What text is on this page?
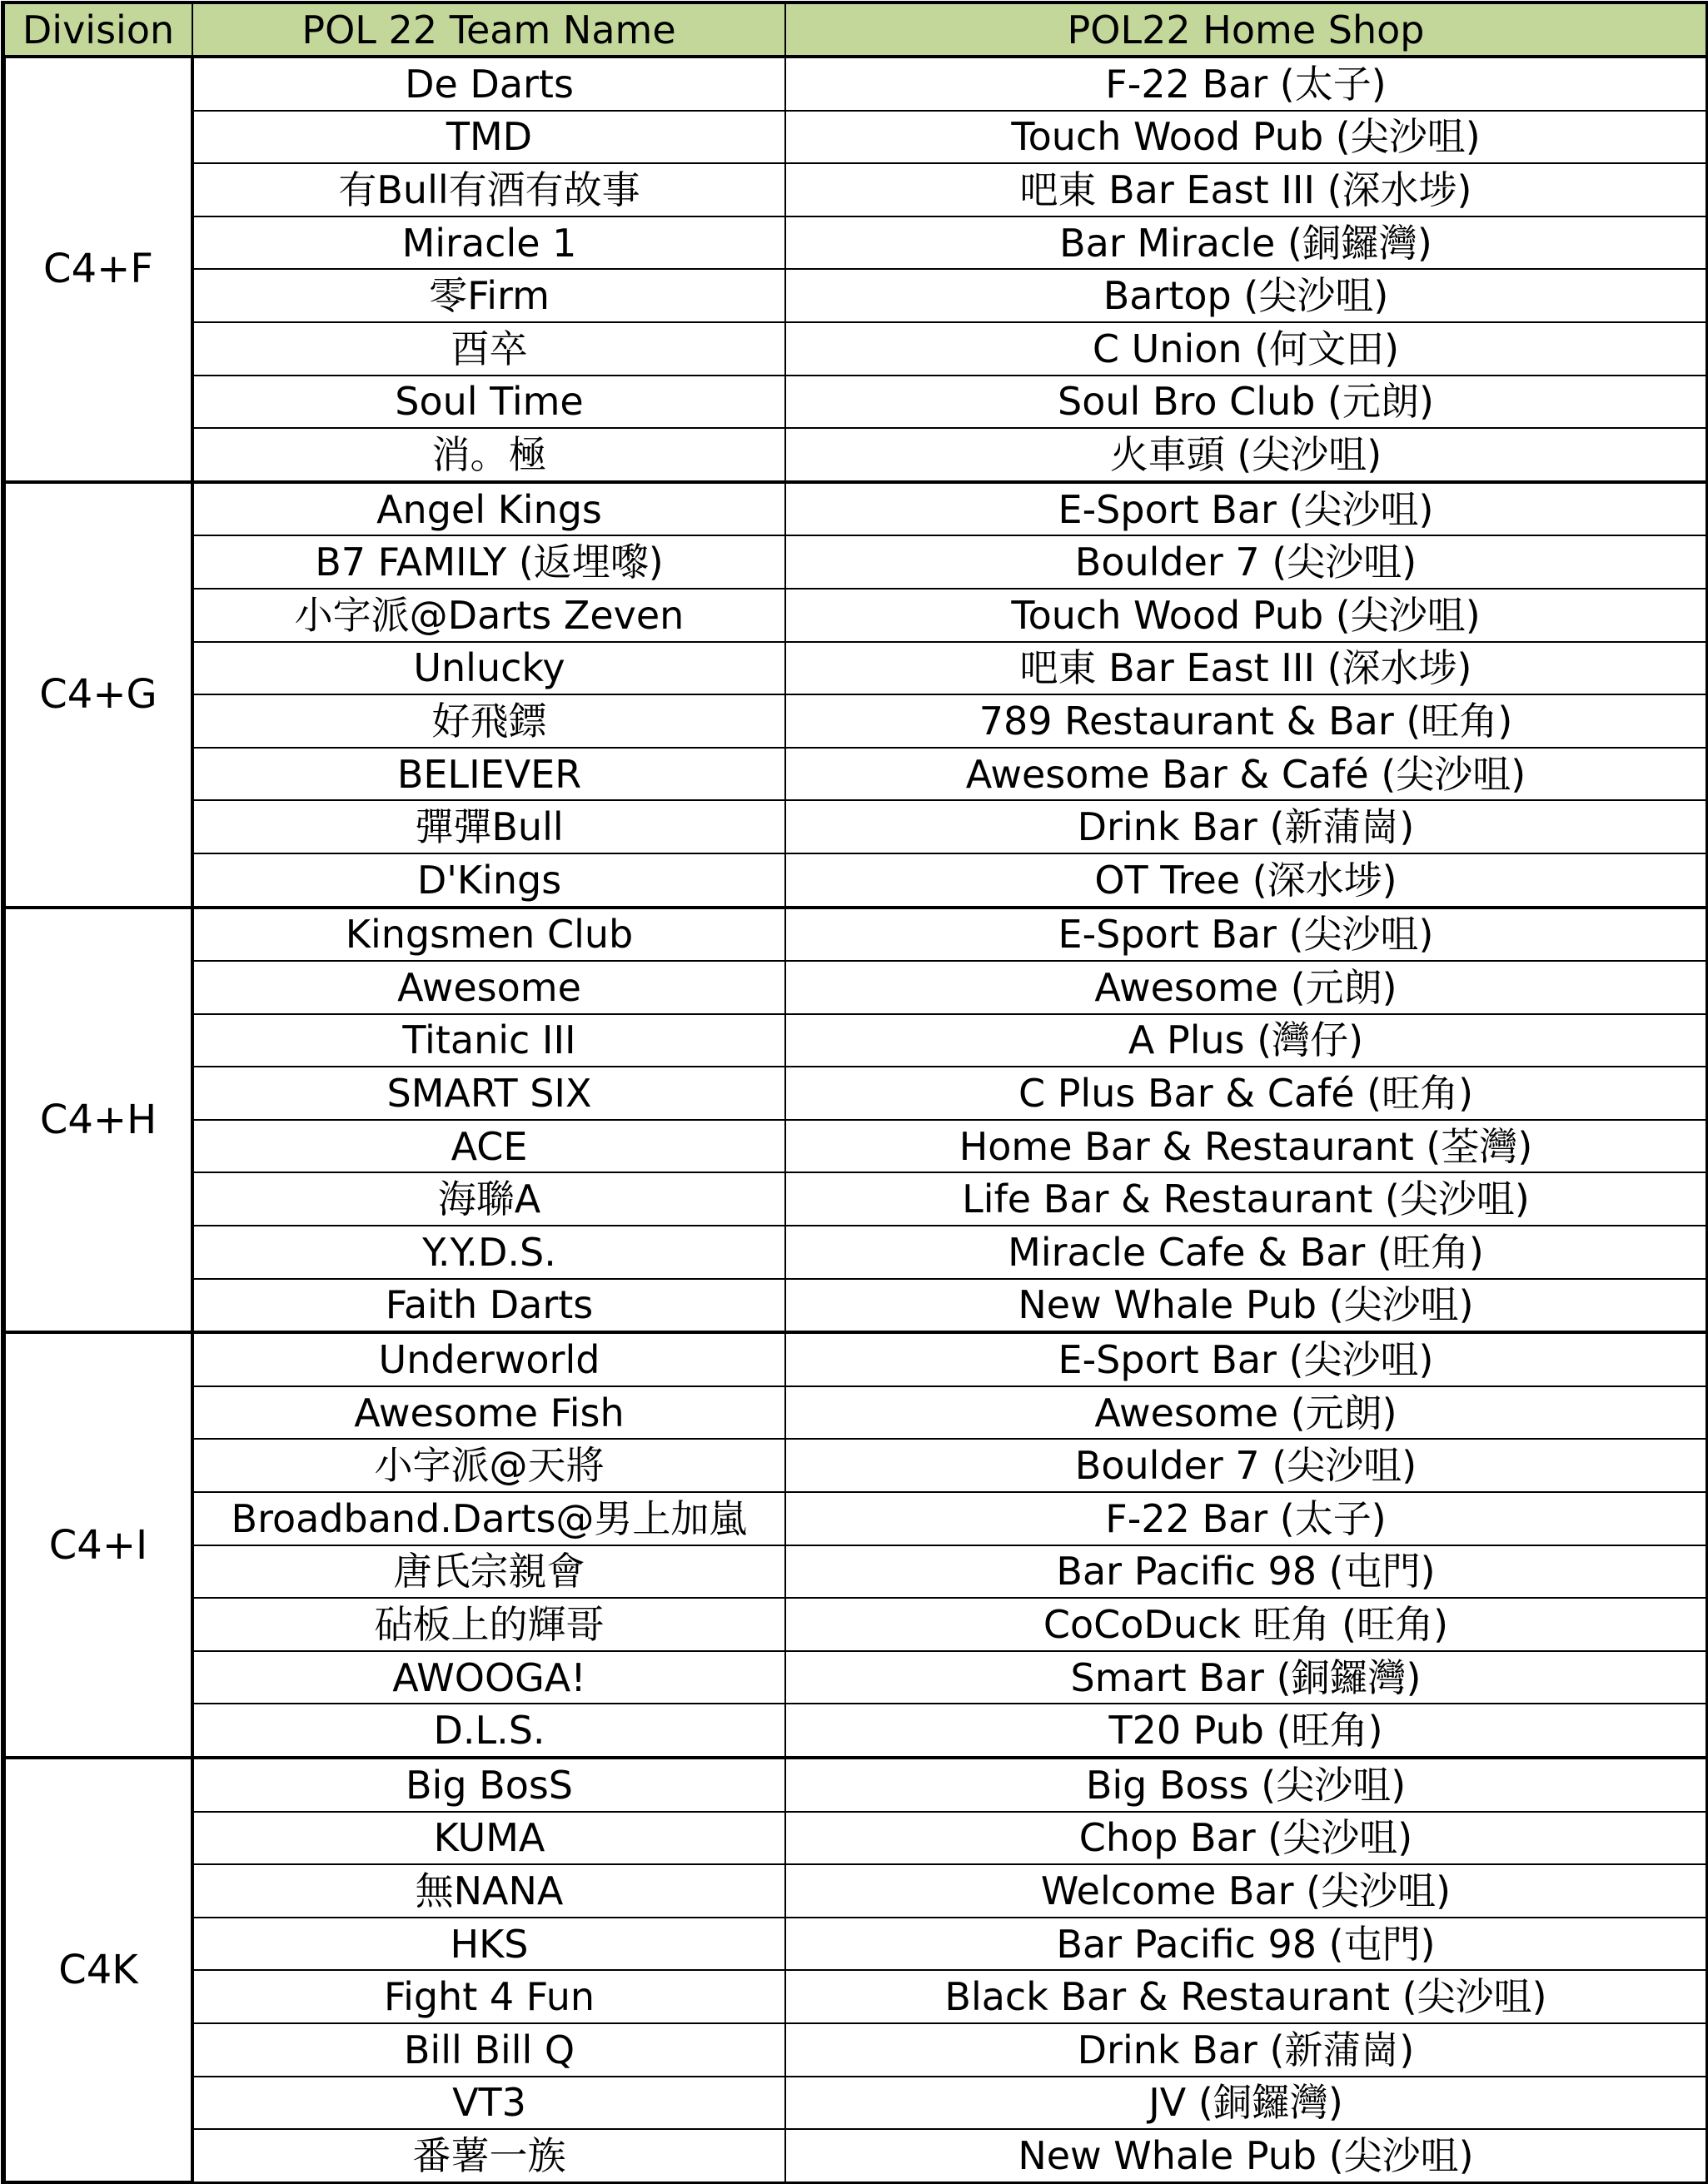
Division	POL 22 Team Name	POL22 Home Shop
C4+F	De Darts	F-22 Bar (太子)
	TMD	Touch Wood Pub (尖沙咀)
	有Bull有酒有故事	吧東 Bar East III (深水埗)
	Miracle 1	Bar Miracle (銅鑼灣)
	零Firm	Bartop (尖沙咀)
	酉卒	C Union (何文田)
	Soul Time	Soul Bro Club (元朗)
	消。極	火車頭 (尖沙咀)
C4+G	Angel Kings	E-Sport Bar (尖沙咀)
	B7 FAMILY (返埋嚟)	Boulder 7 (尖沙咀)
	小字派@Darts Zeven	Touch Wood Pub (尖沙咀)
	Unlucky	吧東 Bar East III (深水埗)
	好飛鏢	789 Restaurant & Bar (旺角)
	BELIEVER	Awesome Bar & Café (尖沙咀)
	彈彈Bull	Drink Bar (新蒲崗)
	D'Kings	OT Tree (深水埗)
C4+H	Kingsmen Club	E-Sport Bar (尖沙咀)
	Awesome	Awesome (元朗)
	Titanic III	A Plus (灣仔)
	SMART SIX	C Plus Bar & Café (旺角)
	ACE	Home Bar & Restaurant (荃灣)
	海聯A	Life Bar & Restaurant (尖沙咀)
	Y.Y.D.S.	Miracle Cafe & Bar (旺角)
	Faith Darts	New Whale Pub (尖沙咀)
C4+I	Underworld	E-Sport Bar (尖沙咀)
	Awesome Fish	Awesome (元朗)
	小字派@天將	Boulder 7 (尖沙咀)
	Broadband.Darts@男上加嵐	F-22 Bar (太子)
	唐氏宗親會	Bar Pacific 98 (屯門)
	砧板上的輝哥	CoCoDuck 旺角 (旺角)
	AWOOGA!	Smart Bar (銅鑼灣)
	D.L.S.	T20 Pub (旺角)
C4K	Big BosS	Big Boss (尖沙咀)
	KUMA	Chop Bar (尖沙咀)
	無NANA	Welcome Bar (尖沙咀)
	HKS	Bar Pacific 98 (屯門)
	Fight 4 Fun	Black Bar & Restaurant (尖沙咀)
	Bill Bill Q	Drink Bar (新蒲崗)
	VT3	JV (銅鑼灣)
	番薯一族	New Whale Pub (尖沙咀)
